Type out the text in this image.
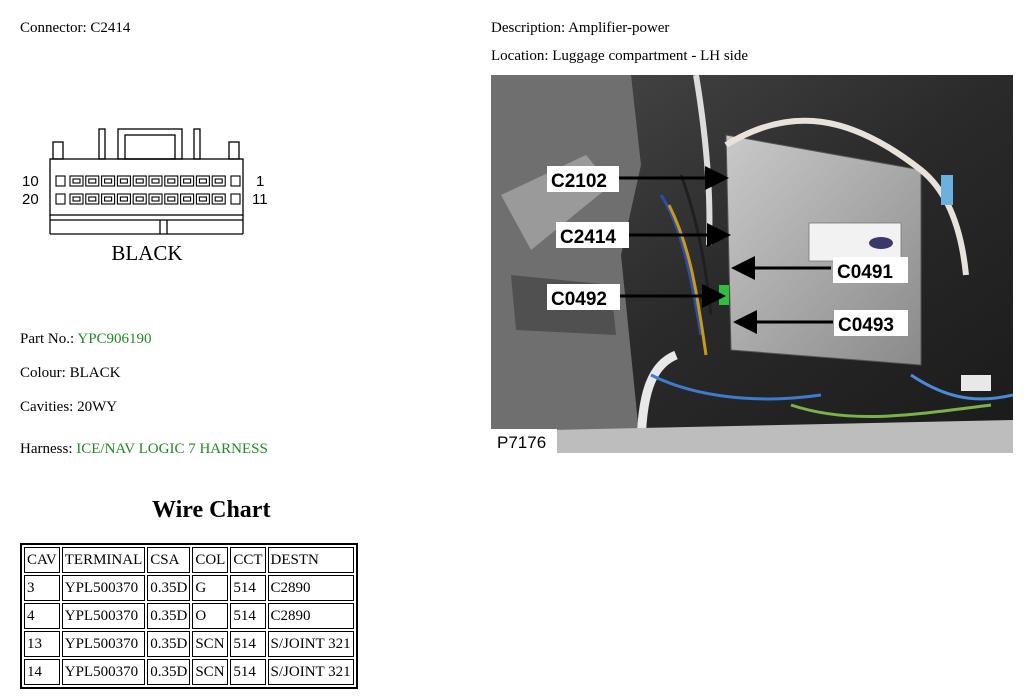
Connector: C2414	Description: Amplifier-power
Location: Luggage compartment - LH side
10
20
1
11
BLACK
Part No.: YPC906190
Colour: BLACK
Cavities: 20WY
Harness: ICE/NAV LOGIC 7 HARNESS
C2102
C2414
C0491
C0492
C0493
P7176
Wire Chart
CAV	TERMINAL	CSA	COL	CCT	DESTN
3	YPL500370	0.35D	G	514	C2890
4	YPL500370	0.35D	O	514	C2890
13	YPL500370	0.35D	SCN	514	S/JOINT 321
14	YPL500370	0.35D	SCN	514	S/JOINT 321
